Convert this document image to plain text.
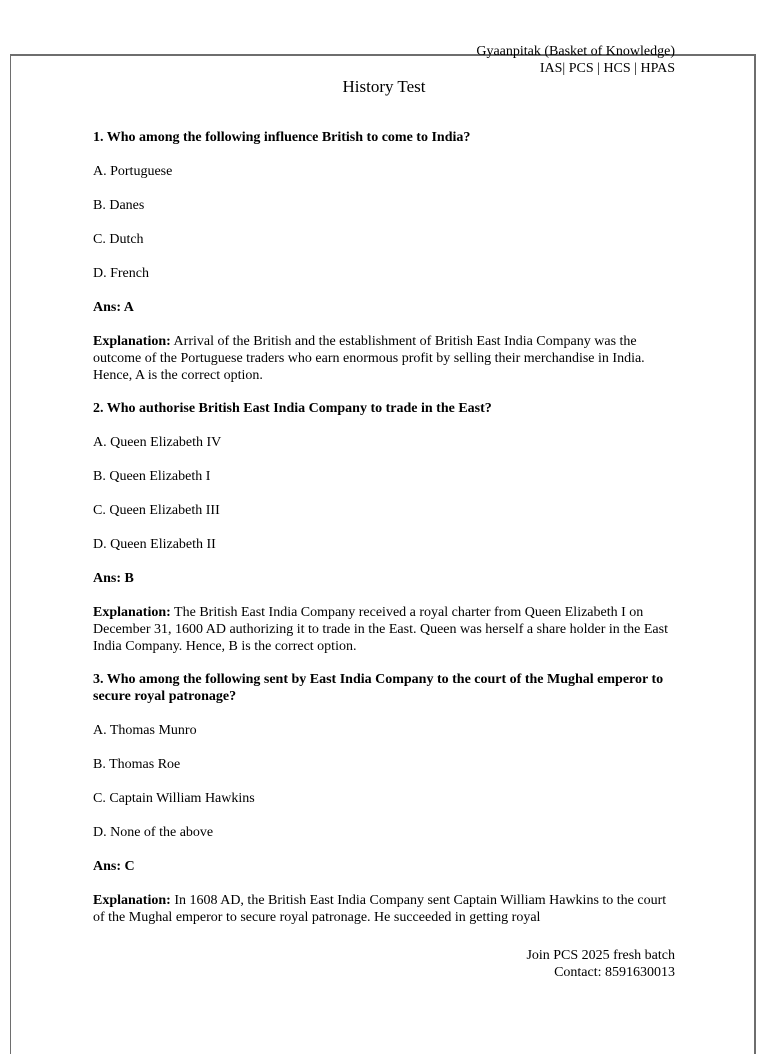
Gyaanpitak (Basket of Knowledge)
IAS| PCS | HCS | HPAS
History Test

1. Who among the following influence British to come to India?

A. Portuguese

B. Danes

C. Dutch

D. French

Ans: A

Explanation: Arrival of the British and the establishment of British East India Company was the outcome of the Portuguese traders who earn enormous profit by selling their merchandise in India. Hence, A is the correct option.

2. Who authorise British East India Company to trade in the East?

A. Queen Elizabeth IV

B. Queen Elizabeth I

C. Queen Elizabeth III

D. Queen Elizabeth II

Ans: B

Explanation: The British East India Company received a royal charter from Queen Elizabeth I on December 31, 1600 AD authorizing it to trade in the East. Queen was herself a share holder in the East India Company. Hence, B is the correct option.

3. Who among the following sent by East India Company to the court of the Mughal emperor to secure royal patronage?

A. Thomas Munro

B. Thomas Roe

C. Captain William Hawkins

D. None of the above

Ans: C

Explanation: In 1608 AD, the British East India Company sent Captain William Hawkins to the court of the Mughal emperor to secure royal patronage. He succeeded in getting royal

Join PCS 2025 fresh batch
Contact: 8591630013
